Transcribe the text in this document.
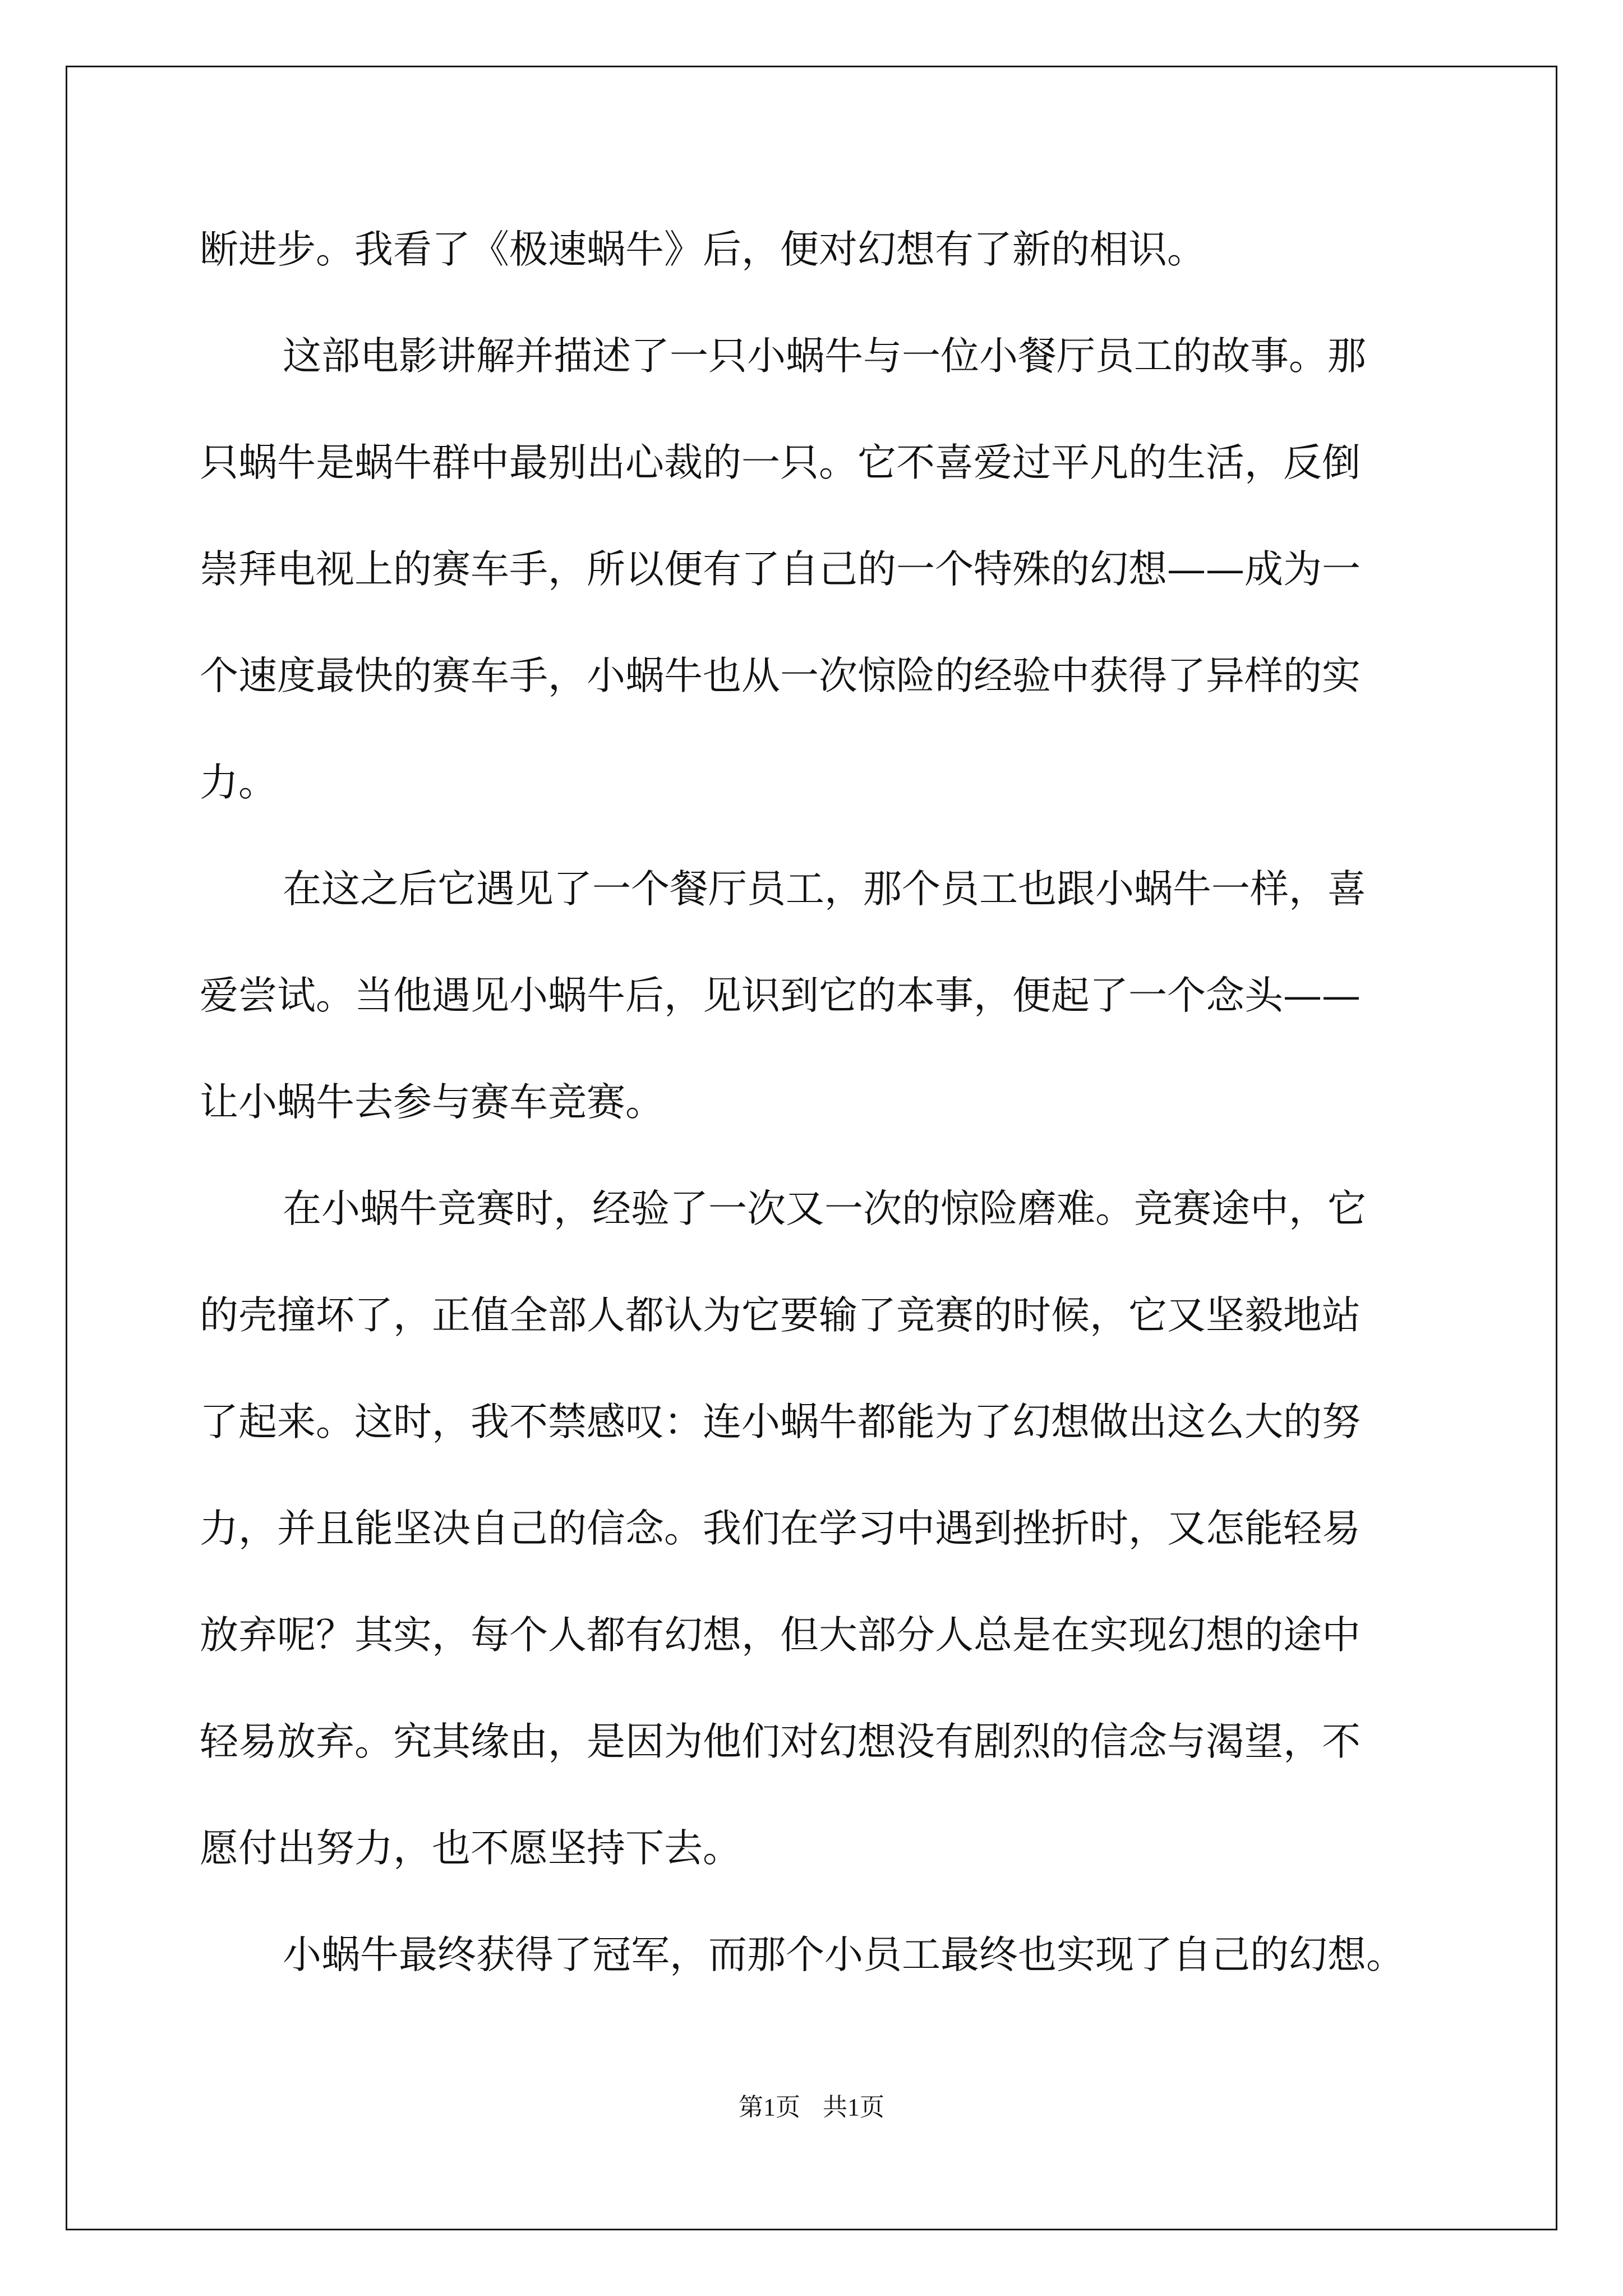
断进步。我看了《极速蜗牛》后，便对幻想有了新的相识。
这部电影讲解并描述了一只小蜗牛与一位小餐厅员工的故事。那
只蜗牛是蜗牛群中最别出心裁的一只。它不喜爱过平凡的生活，反倒
崇拜电视上的赛车手，所以便有了自己的一个特殊的幻想——成为一
个速度最快的赛车手，小蜗牛也从一次惊险的经验中获得了异样的实
力。
在这之后它遇见了一个餐厅员工，那个员工也跟小蜗牛一样，喜
爱尝试。当他遇见小蜗牛后，见识到它的本事，便起了一个念头——
让小蜗牛去参与赛车竞赛。
在小蜗牛竞赛时，经验了一次又一次的惊险磨难。竞赛途中，它
的壳撞坏了，正值全部人都认为它要输了竞赛的时候，它又坚毅地站
了起来。这时，我不禁感叹：连小蜗牛都能为了幻想做出这么大的努
力，并且能坚决自己的信念。我们在学习中遇到挫折时，又怎能轻易
放弃呢？其实，每个人都有幻想，但大部分人总是在实现幻想的途中
轻易放弃。究其缘由，是因为他们对幻想没有剧烈的信念与渴望，不
愿付出努力，也不愿坚持下去。
小蜗牛最终获得了冠军，而那个小员工最终也实现了自己的幻想。
第1页 共1页
